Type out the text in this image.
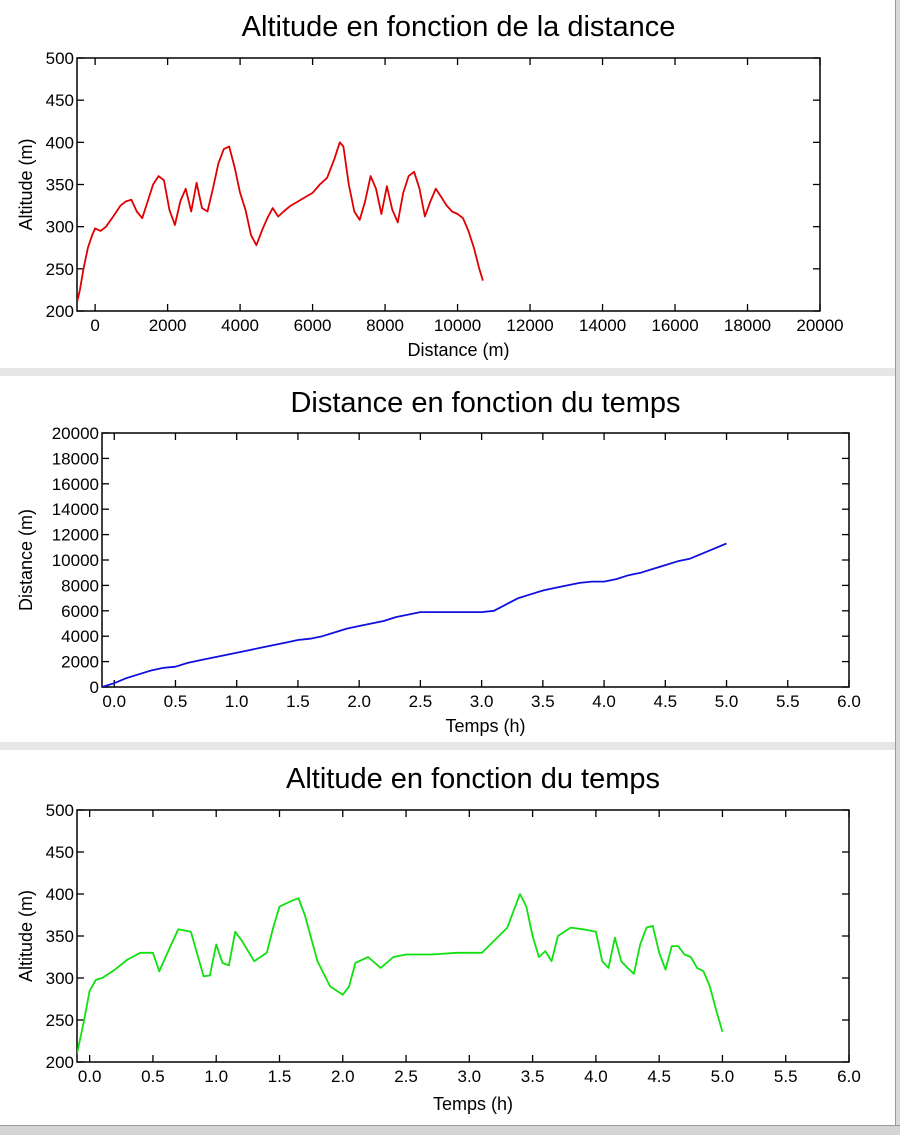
Altitude en fonction de la distance
200
250
300
350
400
450
500
0	2000 4000 6000 8000 10000 12000 14000 16000 18000 20000
Distance (m)
Altitude (m)
Distance en fonction du temps
0
2000
4000
6000
8000
10000
12000
14000
16000
18000
20000
0.0 0.5 1.0 1.5 2.0 2.5 3.0 3.5 4.0 4.5 5.0 5.5 6.0
Temps (h)
Distance (m)
Altitude en fonction du temps
200
250
300
350
400
450
500
0.0 0.5 1.0 1.5 2.0 2.5 3.0 3.5 4.0 4.5 5.0 5.5 6.0
Temps (h)
Altitude (m)
